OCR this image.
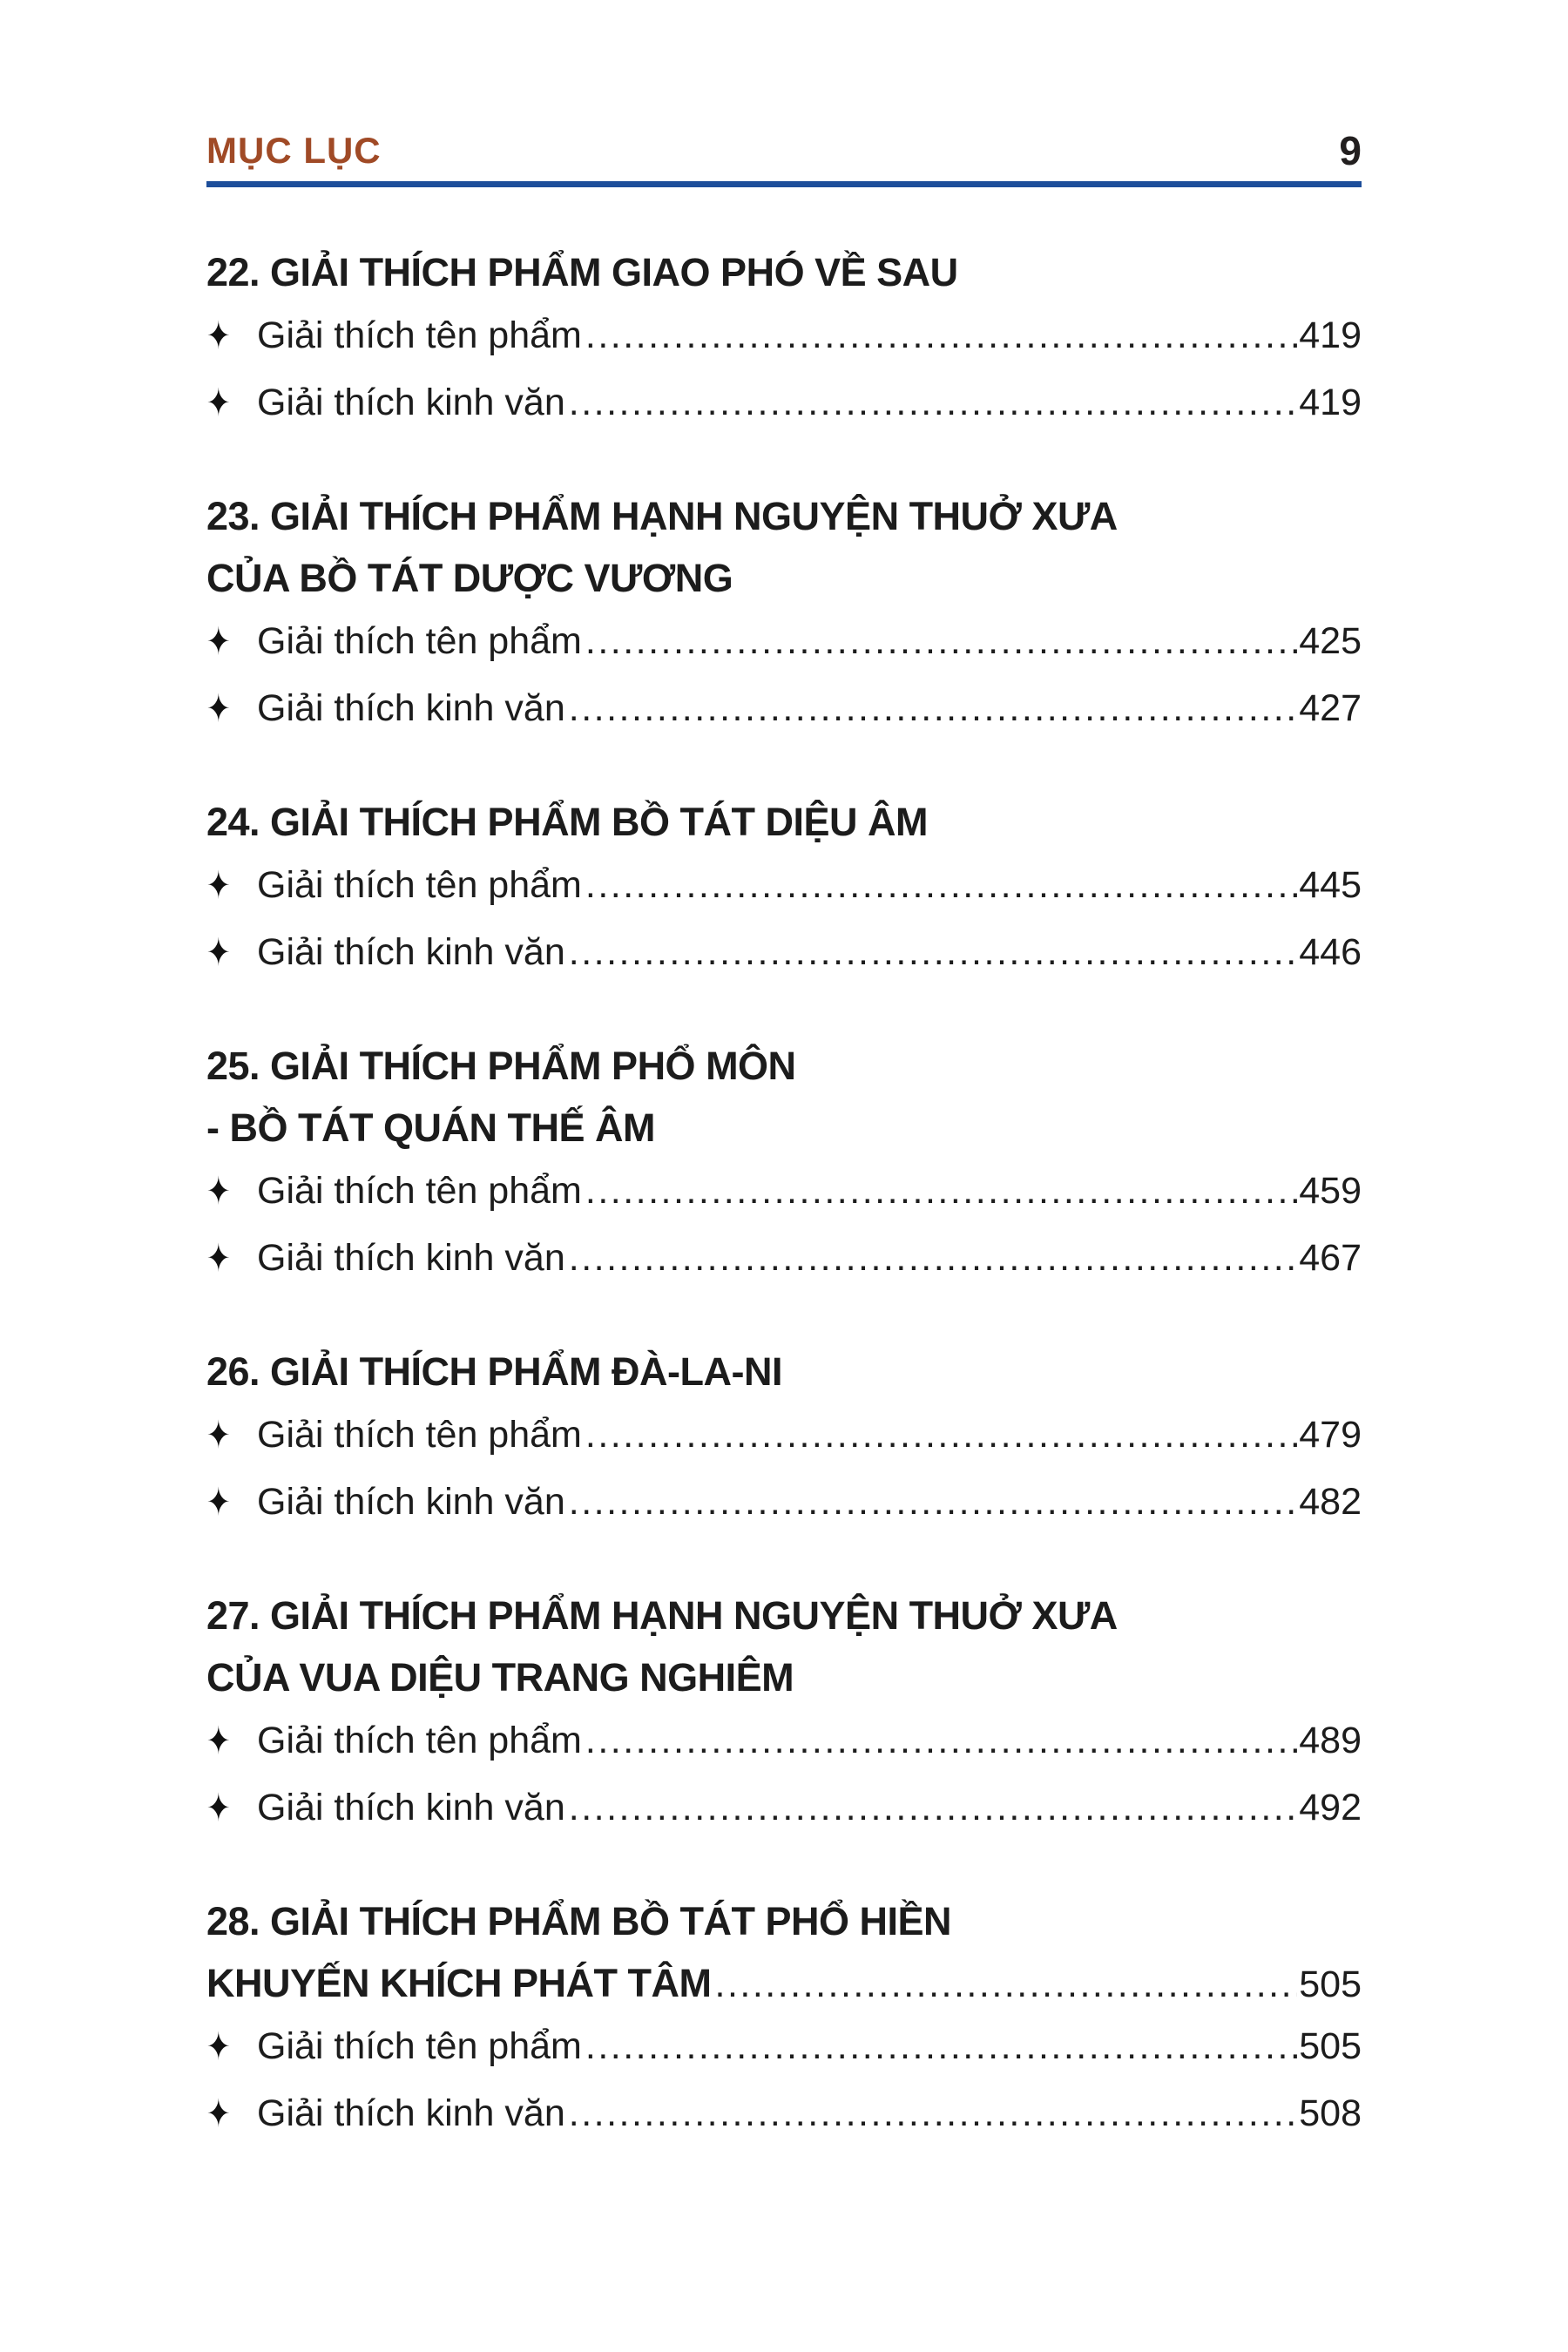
MỤC LỤC	9
22. GIẢI THÍCH PHẨM GIAO PHÓ VỀ SAU
✦ Giải thích tên phẩm .....	419
✦ Giải thích kinh văn .....	419
23. GIẢI THÍCH PHẨM HẠNH NGUYỆN THUỞ XƯA
CỦA BỒ TÁT DƯỢC VƯƠNG
✦ Giải thích tên phẩm .....	425
✦ Giải thích kinh văn .....	427
24. GIẢI THÍCH PHẨM BỒ TÁT DIỆU ÂM
✦ Giải thích tên phẩm .....	445
✦ Giải thích kinh văn .....	446
25. GIẢI THÍCH PHẨM PHỔ MÔN
- BỒ TÁT QUÁN THẾ ÂM
✦ Giải thích tên phẩm .....	459
✦ Giải thích kinh văn .....	467
26. GIẢI THÍCH PHẨM ĐÀ-LA-NI
✦ Giải thích tên phẩm .....	479
✦ Giải thích kinh văn .....	482
27. GIẢI THÍCH PHẨM HẠNH NGUYỆN THUỞ XƯA
CỦA VUA DIỆU TRANG NGHIÊM
✦ Giải thích tên phẩm .....	489
✦ Giải thích kinh văn .....	492
28. GIẢI THÍCH PHẨM BỒ TÁT PHỔ HIỀN
KHUYẾN KHÍCH PHÁT TÂM .....	505
✦ Giải thích tên phẩm .....	505
✦ Giải thích kinh văn .....	508
